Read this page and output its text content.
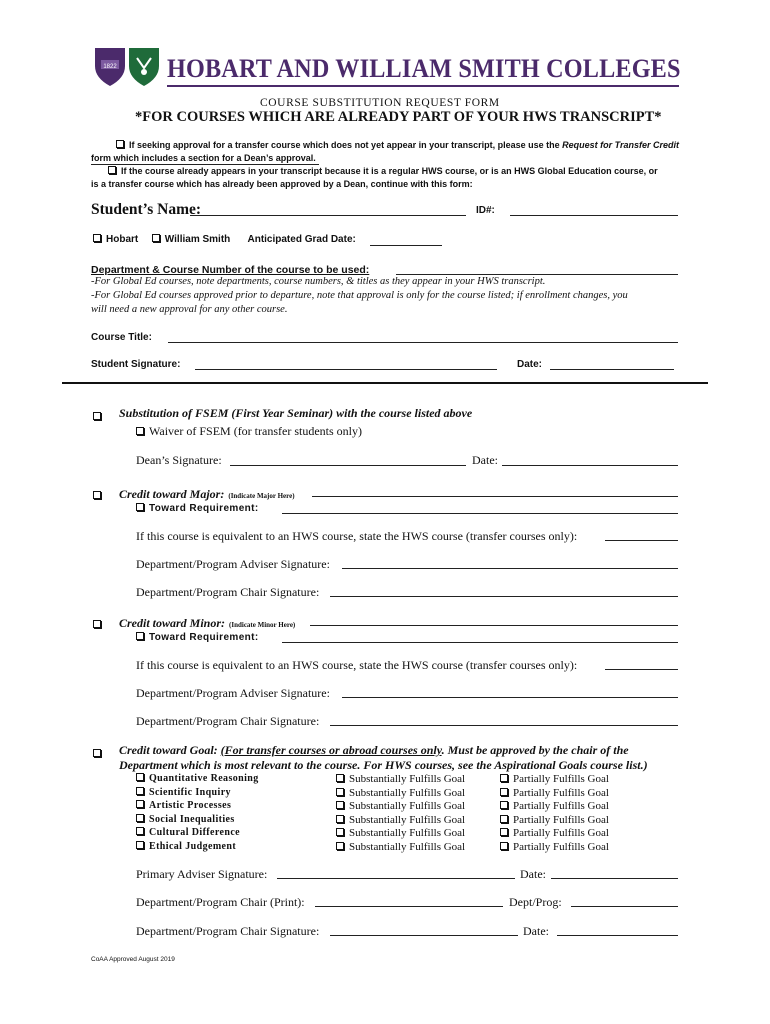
1822 HOBART AND WILLIAM SMITH COLLEGES
COURSE SUBSTITUTION REQUEST FORM
*FOR COURSES WHICH ARE ALREADY PART OF YOUR HWS TRANSCRIPT*
If seeking approval for a transfer course which does not yet appear in your transcript, please use the Request for Transfer Credit
form which includes a section for a Dean’s approval.
If the course already appears in your transcript because it is a regular HWS course, or is an HWS Global Education course, or
is a transfer course which has already been approved by a Dean, continue with this form:
Student’s Name:	ID#:
Hobart	William Smith Anticipated Grad Date:
Department & Course Number of the course to be used:
-For Global Ed courses, note departments, course numbers, & titles as they appear in your HWS transcript.
-For Global Ed courses approved prior to departure, note that approval is only for the course listed; if enrollment changes, you
will need a new approval for any other course.
Course Title:
Student Signature:	Date:
Substitution of FSEM (First Year Seminar) with the course listed above
Waiver of FSEM (for transfer students only)
Dean’s Signature:	Date:
Credit toward Major: (Indicate Major Here)
Toward Requirement:
If this course is equivalent to an HWS course, state the HWS course (transfer courses only):
Department/Program Adviser Signature:
Department/Program Chair Signature:
Credit toward Minor: (Indicate Minor Here)
Toward Requirement:
If this course is equivalent to an HWS course, state the HWS course (transfer courses only):
Department/Program Adviser Signature:
Department/Program Chair Signature:
Credit toward Goal: (For transfer courses or abroad courses only. Must be approved by the chair of the
Department which is most relevant to the course. For HWS courses, see the Aspirational Goals course list.)
Quantitative Reasoning	Substantially Fulfills Goal	Partially Fulfills Goal
Scientific Inquiry	Substantially Fulfills Goal	Partially Fulfills Goal
Artistic Processes	Substantially Fulfills Goal	Partially Fulfills Goal
Social Inequalities	Substantially Fulfills Goal	Partially Fulfills Goal
Cultural Difference	Substantially Fulfills Goal	Partially Fulfills Goal
Ethical Judgement	Substantially Fulfills Goal	Partially Fulfills Goal
Primary Adviser Signature:	Date:
Department/Program Chair (Print):	Dept/Prog:
Department/Program Chair Signature:	Date:
CoAA Approved August 2019
